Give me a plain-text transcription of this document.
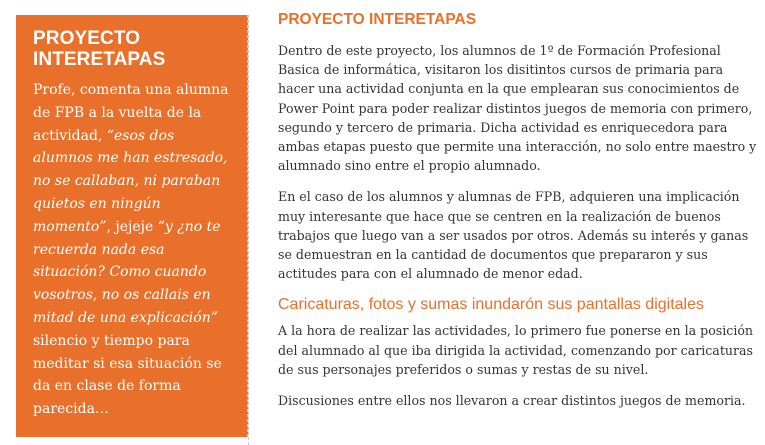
PROYECTO INTERETAPAS

Profe, comenta una alumna de FPB a la vuelta de la actividad, “esos dos alumnos me han estresado, no se callaban, ni paraban quietos en ningún momento”, jejeje “y ¿no te recuerda nada esa situación? Como cuando vosotros, no os callais en mitad de una explicación” silencio y tiempo para meditar si esa situación se da en clase de forma parecida…

PROYECTO INTERETAPAS

Dentro de este proyecto, los alumnos de 1º de Formación Profesional Basica de informática, visitaron los disitintos cursos de primaria para hacer una actividad conjunta en la que emplearan sus conocimientos de Power Point para poder realizar distintos juegos de memoria con primero, segundo y tercero de primaria. Dicha actividad es enriquecedora para ambas etapas puesto que permite una interacción, no solo entre maestro y alumnado sino entre el propio alumnado.

En el caso de los alumnos y alumnas de FPB, adquieren una implicación muy interesante que hace que se centren en la realización de buenos trabajos que luego van a ser usados por otros. Además su interés y ganas se demuestran en la cantidad de documentos que prepararon y sus actitudes para con el alumnado de menor edad.

Caricaturas, fotos y sumas inundarón sus pantallas digitales

A la hora de realizar las actividades, lo primero fue ponerse en la posición del alumnado al que iba dirigida la actividad, comenzando por caricaturas de sus personajes preferidos o sumas y restas de su nivel.

Discusiones entre ellos nos llevaron a crear distintos juegos de memoria.
